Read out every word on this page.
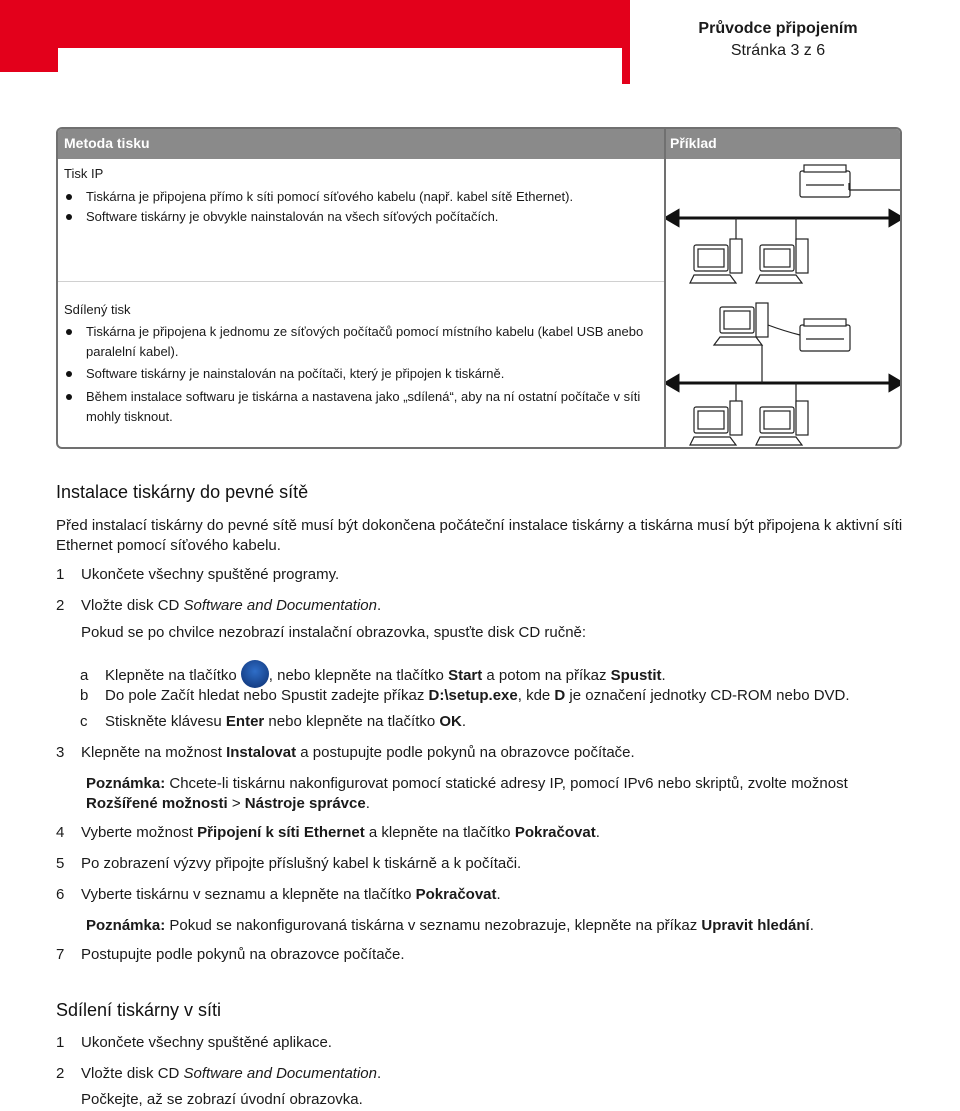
Průvodce připojením
Stránka 3 z 6
Metoda tisku	Příklad
Tisk IP
Tiskárna je připojena přímo k síti pomocí síťového kabelu (např. kabel sítě Ethernet).
Software tiskárny je obvykle nainstalován na všech síťových počítačích.
Sdílený tisk
Tiskárna je připojena k jednomu ze síťových počítačů pomocí místního kabelu (kabel USB anebo paralelní kabel).
Software tiskárny je nainstalován na počítači, který je připojen k tiskárně.
Během instalace softwaru je tiskárna a nastavena jako „sdílená“, aby na ní ostatní počítače v síti mohly tisknout.
Instalace tiskárny do pevné sítě
Před instalací tiskárny do pevné sítě musí být dokončena počáteční instalace tiskárny a tiskárna musí být připojena k aktivní síti Ethernet pomocí síťového kabelu.
1 Ukončete všechny spuštěné programy.
2 Vložte disk CD Software and Documentation.
Pokud se po chvilce nezobrazí instalační obrazovka, spusťte disk CD ručně:
a Klepněte na tlačítko , nebo klepněte na tlačítko Start a potom na příkaz Spustit.
b Do pole Začít hledat nebo Spustit zadejte příkaz D:\setup.exe, kde D je označení jednotky CD-ROM nebo DVD.
c Stiskněte klávesu Enter nebo klepněte na tlačítko OK.
3 Klepněte na možnost Instalovat a postupujte podle pokynů na obrazovce počítače.
Poznámka: Chcete-li tiskárnu nakonfigurovat pomocí statické adresy IP, pomocí IPv6 nebo skriptů, zvolte možnost Rozšířené možnosti > Nástroje správce.
4 Vyberte možnost Připojení k síti Ethernet a klepněte na tlačítko Pokračovat.
5 Po zobrazení výzvy připojte příslušný kabel k tiskárně a k počítači.
6 Vyberte tiskárnu v seznamu a klepněte na tlačítko Pokračovat.
Poznámka: Pokud se nakonfigurovaná tiskárna v seznamu nezobrazuje, klepněte na příkaz Upravit hledání.
7 Postupujte podle pokynů na obrazovce počítače.
Sdílení tiskárny v síti
1 Ukončete všechny spuštěné aplikace.
2 Vložte disk CD Software and Documentation.
Počkejte, až se zobrazí úvodní obrazovka.
